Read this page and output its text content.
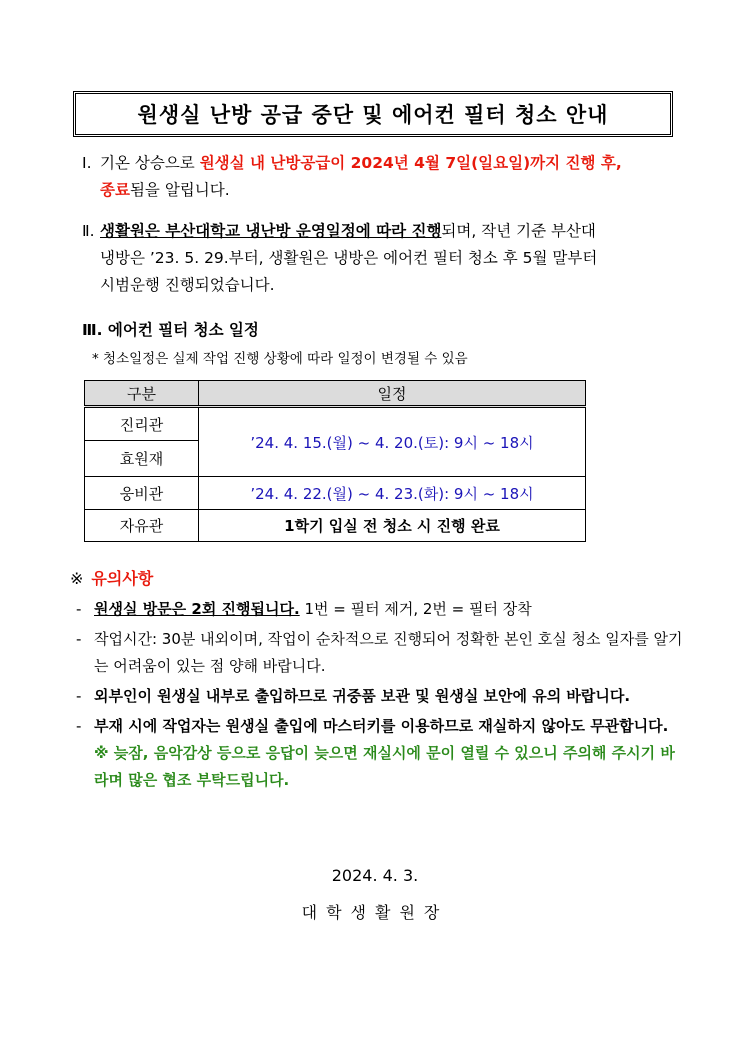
원생실 난방 공급 중단 및 에어컨 필터 청소 안내
Ⅰ. 기온 상승으로 원생실 내 난방공급이 2024년 4월 7일(일요일)까지 진행 후,
종료됨을 알립니다.
Ⅱ. 생활원은 부산대학교 냉난방 운영일정에 따라 진행되며, 작년 기준 부산대
냉방은 ’23. 5. 29.부터, 생활원은 냉방은 에어컨 필터 청소 후 5월 말부터
시범운행 진행되었습니다.
Ⅲ. 에어컨 필터 청소 일정
* 청소일정은 실제 작업 진행 상황에 따라 일정이 변경될 수 있음
구분	일정
진리관	’24. 4. 15.(월) ~ 4. 20.(토): 9시 ~ 18시
효원재	
웅비관	’24. 4. 22.(월) ~ 4. 23.(화): 9시 ~ 18시
자유관	1학기 입실 전 청소 시 진행 완료
※ 유의사항
- 원생실 방문은 2회 진행됩니다. 1번 = 필터 제거, 2번 = 필터 장착
- 작업시간: 30분 내외이며, 작업이 순차적으로 진행되어 정확한 본인 호실 청소 일자를 알기는 어려움이 있는 점 양해 바랍니다.
- 외부인이 원생실 내부로 출입하므로 귀중품 보관 및 원생실 보안에 유의 바랍니다.
- 부재 시에 작업자는 원생실 출입에 마스터키를 이용하므로 재실하지 않아도 무관합니다. ※ 늦잠, 음악감상 등으로 응답이 늦으면 재실시에 문이 열릴 수 있으니 주의해 주시기 바라며 많은 협조 부탁드립니다.
2024. 4. 3.
대학생활원장
